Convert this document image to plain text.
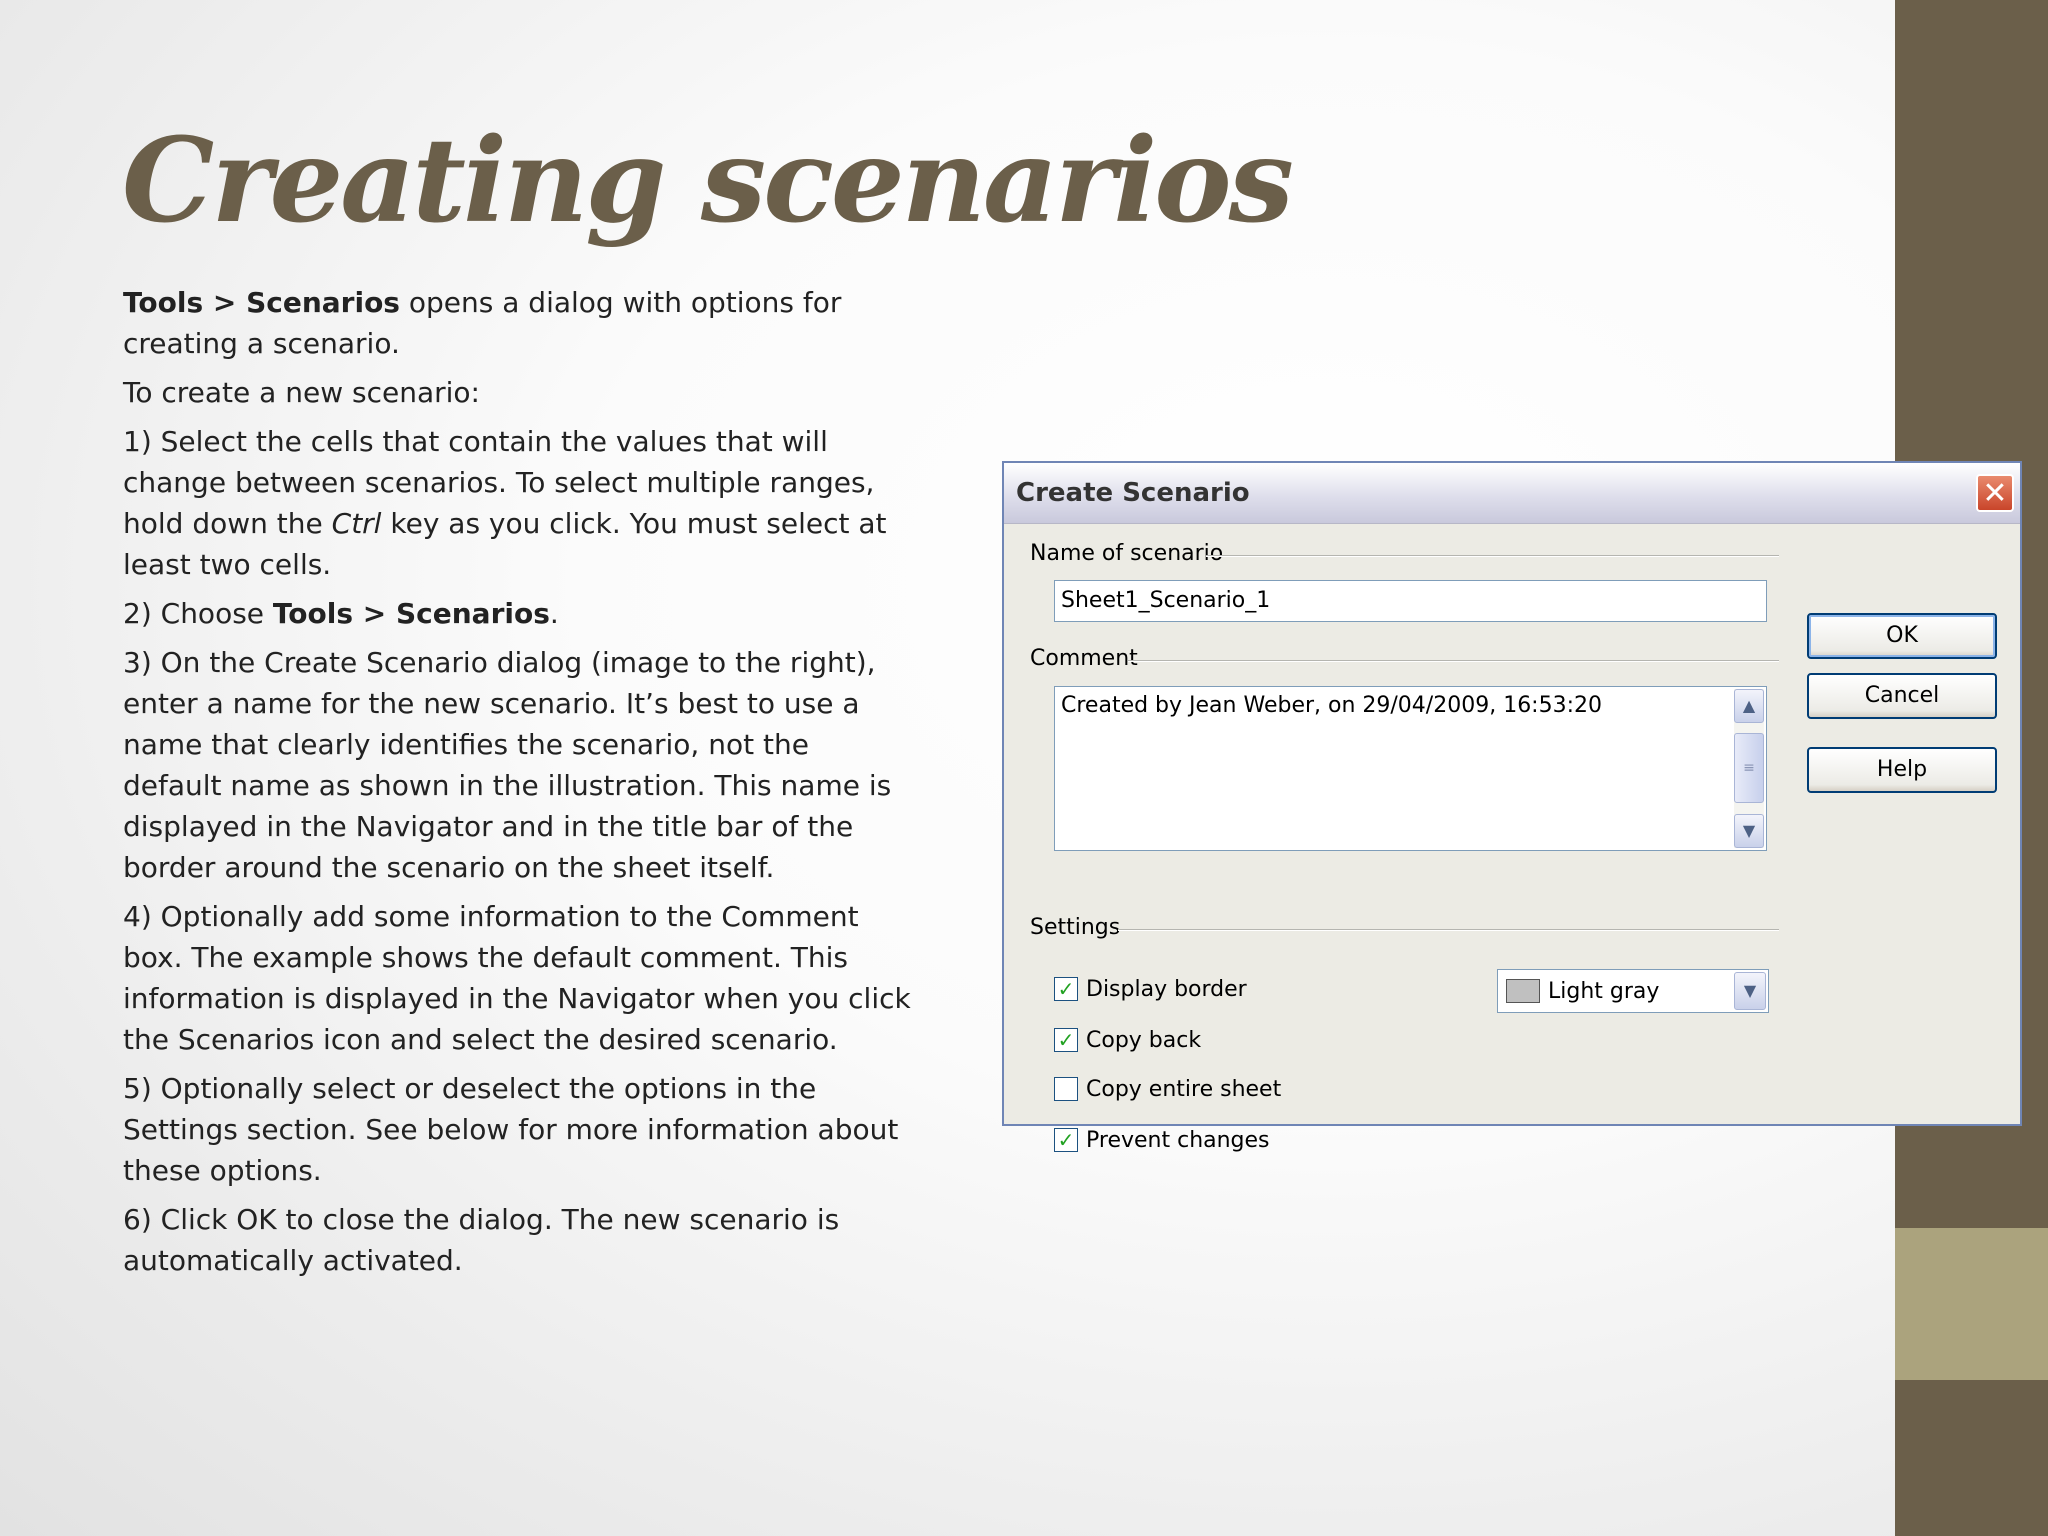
Creating scenarios

Tools > Scenarios opens a dialog with options for creating a scenario.

To create a new scenario:

1) Select the cells that contain the values that will change between scenarios. To select multiple ranges, hold down the Ctrl key as you click. You must select at least two cells.

2) Choose Tools > Scenarios.

3) On the Create Scenario dialog (image to the right), enter a name for the new scenario. It’s best to use a name that clearly identifies the scenario, not the default name as shown in the illustration. This name is displayed in the Navigator and in the title bar of the border around the scenario on the sheet itself.

4) Optionally add some information to the Comment box. The example shows the default comment. This information is displayed in the Navigator when you click the Scenarios icon and select the desired scenario.

5) Optionally select or deselect the options in the Settings section. See below for more information about these options.

6) Click OK to close the dialog. The new scenario is automatically activated.

Create Scenario	✕
Name of scenario
Sheet1_Scenario_1
Comment
Created by Jean Weber, on 29/04/2009, 16:53:20	▲
≡
▼
Settings
✓ Display border
✓ Copy back
Copy entire sheet
✓ Prevent changes
Light gray	▼
OK
Cancel
Help
